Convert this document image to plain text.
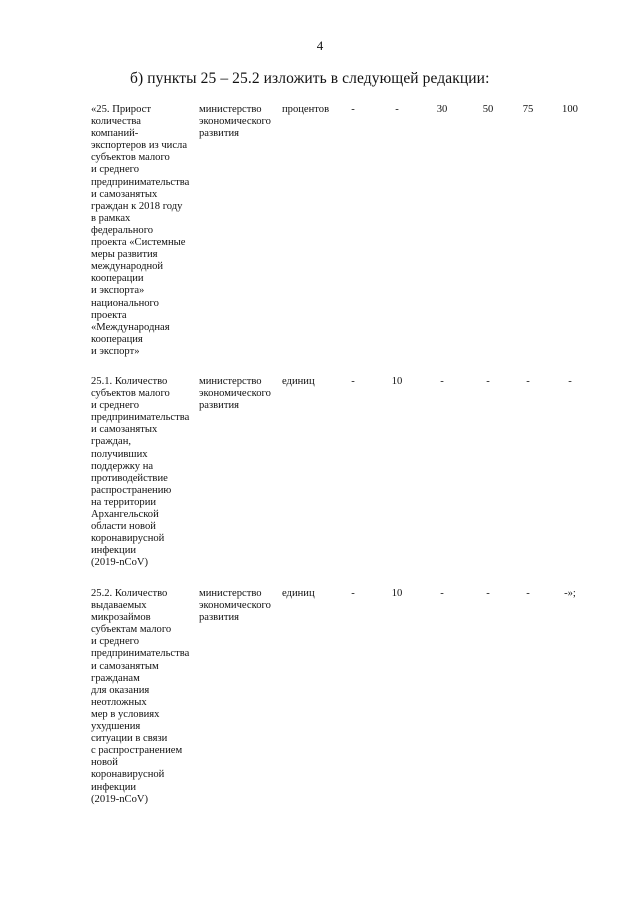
4
б) пункты 25 – 25.2 изложить в следующей редакции:
«25. Прирост
количества
компаний-
экспортеров из числа
субъектов малого
и среднего
предпринимательства
и самозанятых
граждан к 2018 году
в рамках
федерального
проекта «Системные
меры развития
международной
кооперации
и экспорта»
национального
проекта
«Международная
кооперация
и экспорт»
министерство
экономического
развития
процентов	-	-	30	50	75	100
25.1. Количество
субъектов малого
и среднего
предпринимательства
и самозанятых
граждан,
получивших
поддержку на
противодействие
распространению
на территории
Архангельской
области новой
коронавирусной
инфекции
(2019-nCoV)
министерство
экономического
развития
единиц	-	10	-	-	-	-
25.2. Количество
выдаваемых
микрозаймов
субъектам малого
и среднего
предпринимательства
и самозанятым
гражданам
для оказания
неотложных
мер в условиях
ухудшения
ситуации в связи
с распространением
новой
коронавирусной
инфекции
(2019-nCoV)
министерство
экономического
развития
единиц	-	10	-	-	-	-»;
